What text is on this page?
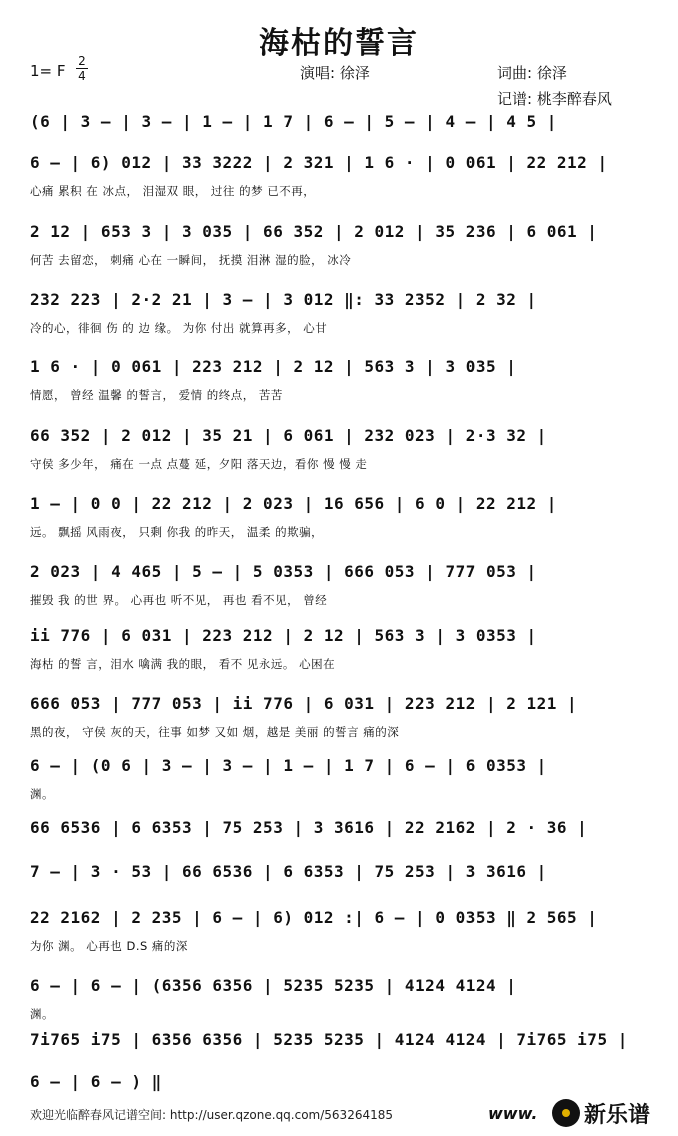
海枯的誓言
1= F
2
4	演唱: 徐泽	词曲: 徐泽
记谱: 桃李醉春风
(6 | 3 – | 3 – | 1 – | 1 7 | 6 – | 5 – | 4 – | 4 5 |
6 – | 6) 012 | 33 3222 | 2 321 | 1 6 · | 0 061 | 22 212 |
心痛 累积 在 冰点， 泪湿双 眼， 过往 的梦 已不再，
2 12 | 653 3 | 3 035 | 66 352 | 2 012 | 35 236 | 6 061 |
何苦 去留恋， 刺痛 心在 一瞬间， 抚摸 泪淋 湿的脸， 冰冷
232 223 | 2·2 21 | 3 – | 3 012 ‖: 33 2352 | 2 32 |
冷的心，徘徊 伤 的 边 缘。 为你 付出 就算再多， 心甘
1 6 · | 0 061 | 223 212 | 2 12 | 563 3 | 3 035 |
情愿， 曾经 温馨 的誓言， 爱情 的终点， 苦苦
66 352 | 2 012 | 35 21 | 6 061 | 232 023 | 2·3 32 |
守侯 多少年， 痛在 一点 点蔓 延，夕阳 落天边，看你 慢 慢 走
1 – | 0 0 | 22 212 | 2 023 | 16 656 | 6 0 | 22 212 |
远。 飘摇 风雨夜， 只剩 你我 的昨天， 温柔 的欺骗，
2 023 | 4 465 | 5 – | 5 0353 | 666 053 | 777 053 |
摧毁 我 的世 界。 心再也 听不见， 再也 看不见， 曾经
ii 776 | 6 031 | 223 212 | 2 12 | 563 3 | 3 0353 |
海枯 的誓 言，泪水 噙满 我的眼， 看不 见永远。 心困在
666 053 | 777 053 | ii 776 | 6 031 | 223 212 | 2 121 |
黑的夜， 守侯 灰的天，往事 如梦 又如 烟，越是 美丽 的誓言 痛的深
6 – | (0 6 | 3 – | 3 – | 1 – | 1 7 | 6 – | 6 0353 |
渊。
66 6536 | 6 6353 | 75 253 | 3 3616 | 22 2162 | 2 · 36 |
7 – | 3 · 53 | 66 6536 | 6 6353 | 75 253 | 3 3616 |
22 2162 | 2 235 | 6 – | 6) 012 :| 6 – | 0 0353 ‖ 2 565 |
为你 渊。 心再也 D.S 痛的深
6 – | 6 – | (6356 6356 | 5235 5235 | 4124 4124 |
渊。
7i765 i75 | 6356 6356 | 5235 5235 | 4124 4124 | 7i765 i75 |
6 – | 6 – ) ‖
欢迎光临醉春风记谱空间: http://user.qzone.qq.com/563264185	www. 新乐谱
